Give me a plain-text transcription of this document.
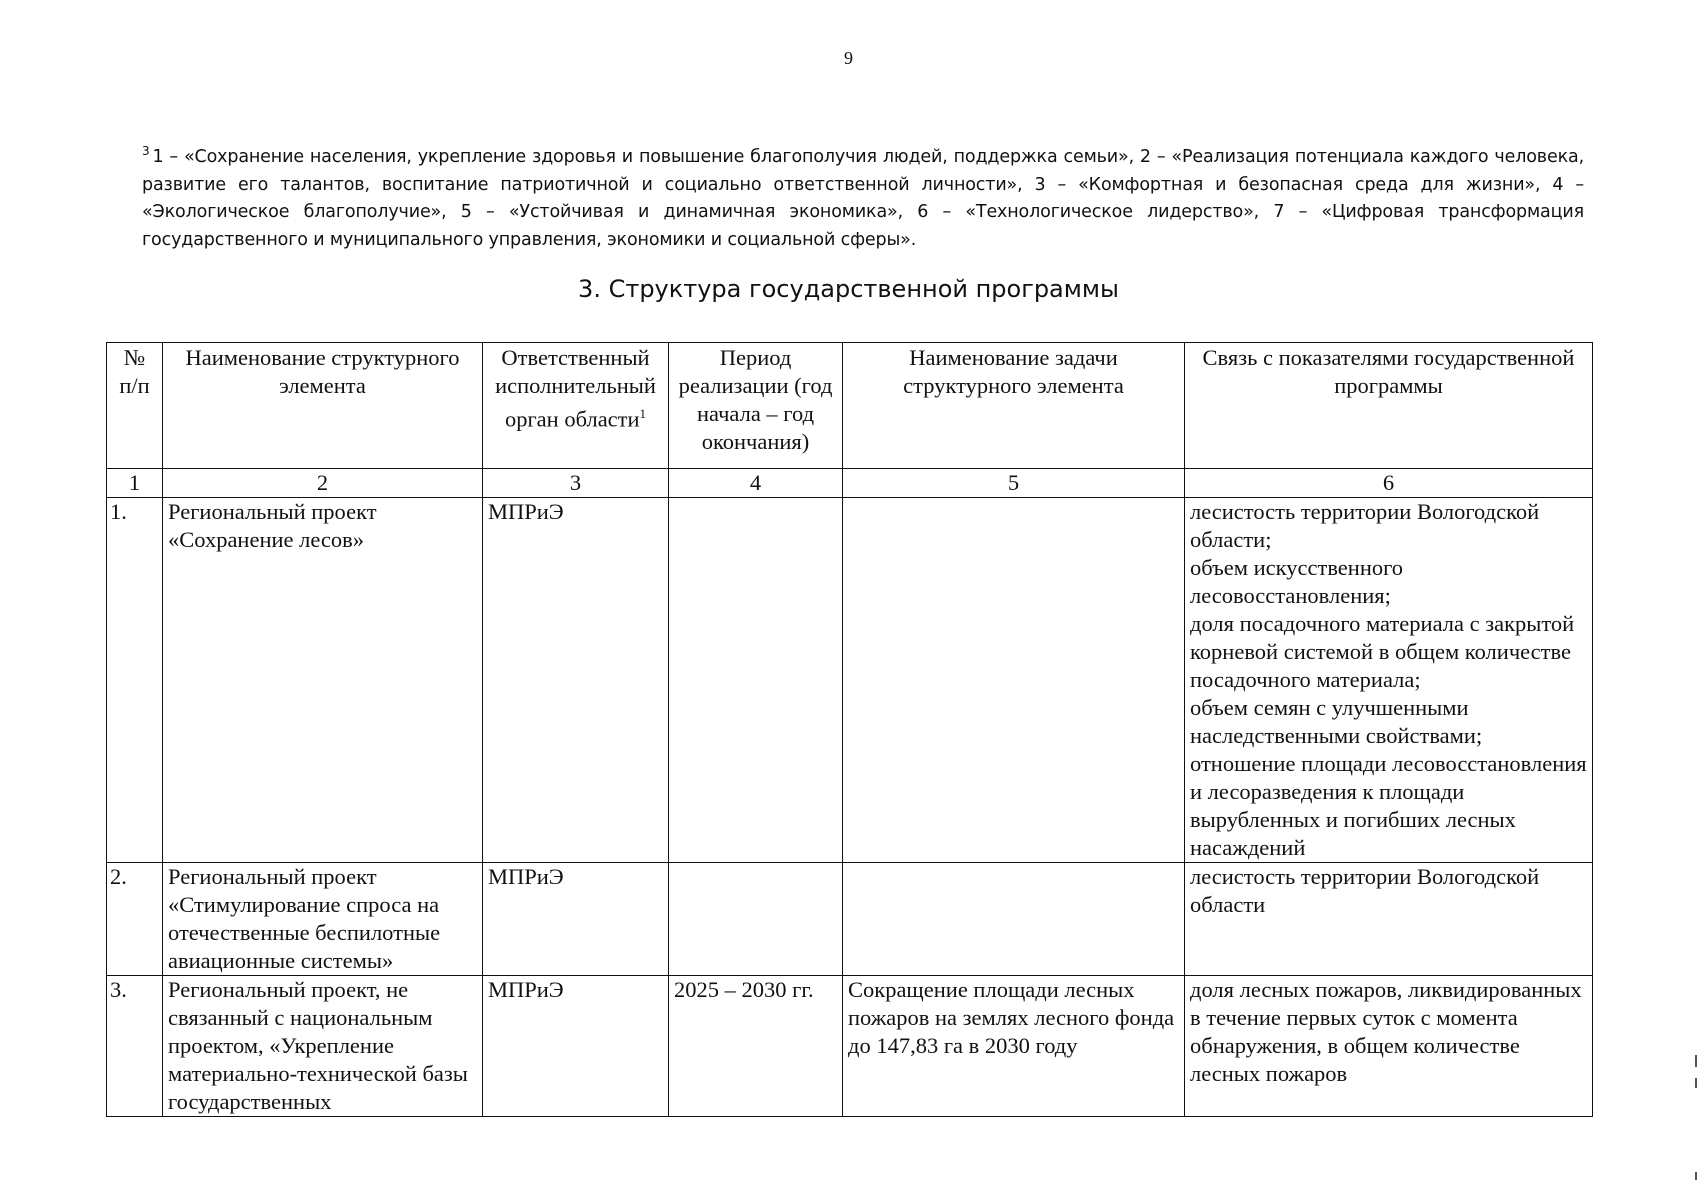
9
$^3$ 1 – «Сохранение населения, укрепление здоровья и повышение благополучия людей, поддержка семьи», 2 – «Реализация потенциала каждого человека, развитие его талантов, воспитание патриотичной и социально ответственной личности», 3 – «Комфортная и безопасная среда для жизни», 4 – «Экологическое благополучие», 5 – «Устойчивая и динамичная экономика», 6 – «Технологическое лидерство», 7 – «Цифровая трансформация государственного и муниципального управления, экономики и социальной сферы».
3. Структура государственной программы
№ п/п	Наименование структурного элемента	Ответственный исполнительный орган области$^1$	Период реализации (год начала – год окончания)	Наименование задачи структурного элемента	Связь с показателями государственной программы
1	2	3	4	5	6
1.	Региональный проект «Сохранение лесов»	МПРиЭ			лесистость территории Вологодской области;
объем искусственного лесовосстановления;
доля посадочного материала с закрытой корневой системой в общем количестве посадочного материала;
объем семян с улучшенными наследственными свойствами;
отношение площади лесовосстановления и лесоразведения к площади вырубленных и погибших лесных насаждений

2.	Региональный проект «Стимулирование спроса на отечественные беспилотные авиационные системы»	МПРиЭ			лесистость территории Вологодской области

3.	Региональный проект, не связанный с национальным проектом, «Укрепление материально-технической базы государственных	МПРиЭ	2025 – 2030 гг.	Сокращение площади лесных пожаров на землях лесного фонда до 147,83 га в 2030 году	доля лесных пожаров, ликвидированных в течение первых суток с момента обнаружения, в общем количестве лесных пожаров
